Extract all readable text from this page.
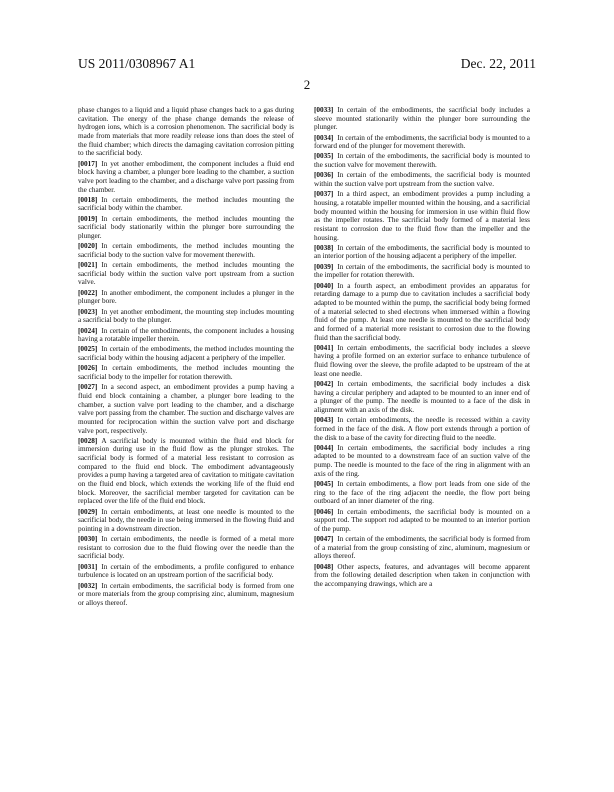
US 2011/0308967 A1	Dec. 22, 2011
2

phase changes to a liquid and a liquid phase changes back to a gas during cavitation. The energy of the phase change demands the release of hydrogen ions, which is a corrosion phenomenon. The sacrificial body is made from materials that more readily release ions than does the steel of the fluid chamber; which directs the damaging cavitation corrosion pitting to the sacrificial body.

[0017] In yet another embodiment, the component includes a fluid end block having a chamber, a plunger bore leading to the chamber, a suction valve port leading to the chamber, and a discharge valve port passing from the chamber.

[0018] In certain embodiments, the method includes mounting the sacrificial body within the chamber.

[0019] In certain embodiments, the method includes mounting the sacrificial body stationarily within the plunger bore surrounding the plunger.

[0020] In certain embodiments, the method includes mounting the sacrificial body to the suction valve for movement therewith.

[0021] In certain embodiments, the method includes mounting the sacrificial body within the suction valve port upstream from a suction valve.

[0022] In another embodiment, the component includes a plunger in the plunger bore.

[0023] In yet another embodiment, the mounting step includes mounting a sacrificial body to the plunger.

[0024] In certain of the embodiments, the component includes a housing having a rotatable impeller therein.

[0025] In certain of the embodiments, the method includes mounting the sacrificial body within the housing adjacent a periphery of the impeller.

[0026] In certain embodiments, the method includes mounting the sacrificial body to the impeller for rotation therewith.

[0027] In a second aspect, an embodiment provides a pump having a fluid end block containing a chamber, a plunger bore leading to the chamber, a suction valve port leading to the chamber, and a discharge valve port passing from the chamber. The suction and discharge valves are mounted for reciprocation within the suction valve port and discharge valve port, respectively.

[0028] A sacrificial body is mounted within the fluid end block for immersion during use in the fluid flow as the plunger strokes. The sacrificial body is formed of a material less resistant to corrosion as compared to the fluid end block. The embodiment advantageously provides a pump having a targeted area of cavitation to mitigate cavitation on the fluid end block, which extends the working life of the fluid end block. Moreover, the sacrificial member targeted for cavitation can be replaced over the life of the fluid end block.

[0029] In certain embodiments, at least one needle is mounted to the sacrificial body, the needle in use being immersed in the flowing fluid and pointing in a downstream direction.

[0030] In certain embodiments, the needle is formed of a metal more resistant to corrosion due to the fluid flowing over the needle than the sacrificial body.

[0031] In certain of the embodiments, a profile configured to enhance turbulence is located on an upstream portion of the sacrificial body.

[0032] In certain embodiments, the sacrificial body is formed from one or more materials from the group comprising zinc, aluminum, magnesium or alloys thereof.

[0033] In certain of the embodiments, the sacrificial body includes a sleeve mounted stationarily within the plunger bore surrounding the plunger.

[0034] In certain of the embodiments, the sacrificial body is mounted to a forward end of the plunger for movement therewith.

[0035] In certain of the embodiments, the sacrificial body is mounted to the suction valve for movement therewith.

[0036] In certain of the embodiments, the sacrificial body is mounted within the suction valve port upstream from the suction valve.

[0037] In a third aspect, an embodiment provides a pump including a housing, a rotatable impeller mounted within the housing, and a sacrificial body mounted within the housing for immersion in use within fluid flow as the impeller rotates. The sacrificial body formed of a material less resistant to corrosion due to the fluid flow than the impeller and the housing.

[0038] In certain of the embodiments, the sacrificial body is mounted to an interior portion of the housing adjacent a periphery of the impeller.

[0039] In certain of the embodiments, the sacrificial body is mounted to the impeller for rotation therewith.

[0040] In a fourth aspect, an embodiment provides an apparatus for retarding damage to a pump due to cavitation includes a sacrificial body adapted to be mounted within the pump, the sacrificial body being formed of a material selected to shed electrons when immersed within a flowing fluid of the pump. At least one needle is mounted to the sacrificial body and formed of a material more resistant to corrosion due to the flowing fluid than the sacrificial body.

[0041] In certain embodiments, the sacrificial body includes a sleeve having a profile formed on an exterior surface to enhance turbulence of fluid flowing over the sleeve, the profile adapted to be upstream of the at least one needle.

[0042] In certain embodiments, the sacrificial body includes a disk having a circular periphery and adapted to be mounted to an inner end of a plunger of the pump. The needle is mounted to a face of the disk in alignment with an axis of the disk.

[0043] In certain embodiments, the needle is recessed within a cavity formed in the face of the disk. A flow port extends through a portion of the disk to a base of the cavity for directing fluid to the needle.

[0044] In certain embodiments, the sacrificial body includes a ring adapted to be mounted to a downstream face of an suction valve of the pump. The needle is mounted to the face of the ring in alignment with an axis of the ring.

[0045] In certain embodiments, a flow port leads from one side of the ring to the face of the ring adjacent the needle, the flow port being outboard of an inner diameter of the ring.

[0046] In certain embodiments, the sacrificial body is mounted on a support rod. The support rod adapted to be mounted to an interior portion of the pump.

[0047] In certain of the embodiments, the sacrificial body is formed from of a material from the group consisting of zinc, aluminum, magnesium or alloys thereof.

[0048] Other aspects, features, and advantages will become apparent from the following detailed description when taken in conjunction with the accompanying drawings, which are a
